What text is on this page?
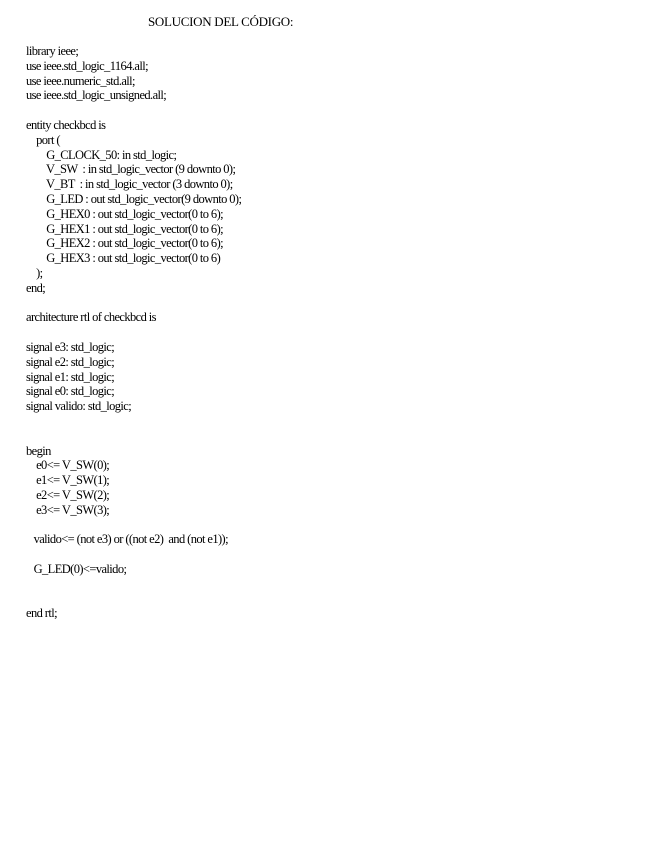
SOLUCION DEL CÓDIGO:
library ieee;
use ieee.std_logic_1164.all;
use ieee.numeric_std.all;
use ieee.std_logic_unsigned.all;
entity checkbcd is
port (
G_CLOCK_50: in std_logic;
V_SW  : in std_logic_vector (9 downto 0);
V_BT  : in std_logic_vector (3 downto 0);
G_LED : out std_logic_vector(9 downto 0);
G_HEX0 : out std_logic_vector(0 to 6);
G_HEX1 : out std_logic_vector(0 to 6);
G_HEX2 : out std_logic_vector(0 to 6);
G_HEX3 : out std_logic_vector(0 to 6)
);
end;
architecture rtl of checkbcd is
signal e3: std_logic;
signal e2: std_logic;
signal e1: std_logic;
signal e0: std_logic;
signal valido: std_logic;
begin
e0<= V_SW(0);
e1<= V_SW(1);
e2<= V_SW(2);
e3<= V_SW(3);
valido<= (not e3) or ((not e2)  and (not e1));
G_LED(0)<=valido;
end rtl;
